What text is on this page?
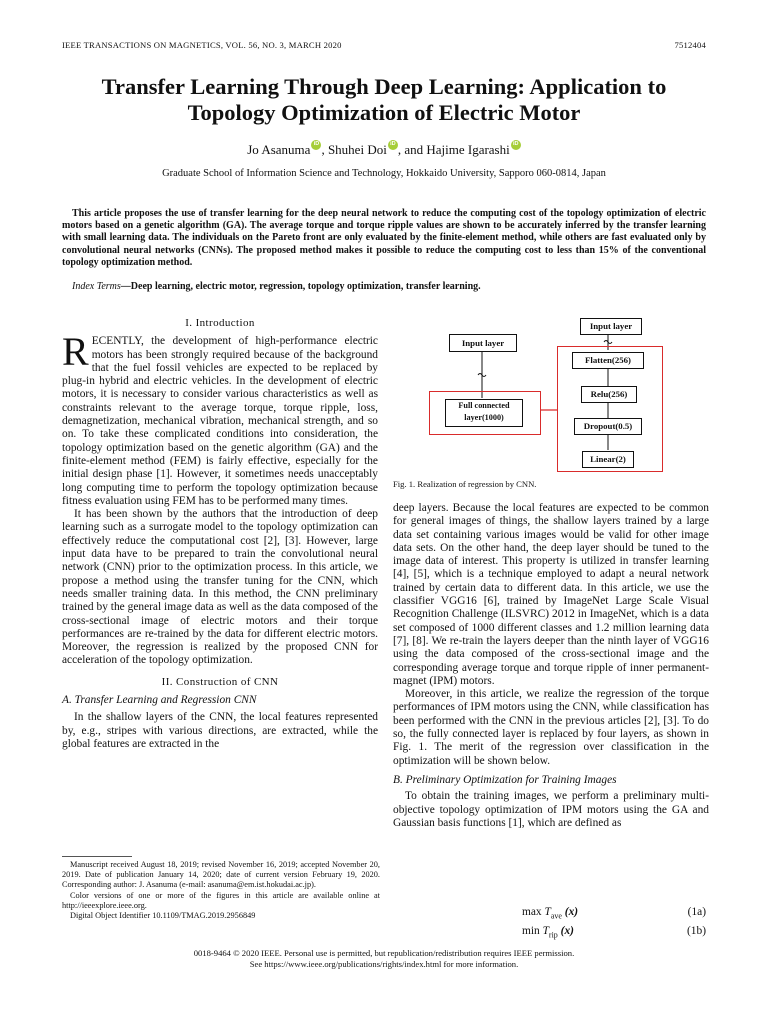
IEEE TRANSACTIONS ON MAGNETICS, VOL. 56, NO. 3, MARCH 2020	7512404
Transfer Learning Through Deep Learning: Application to
Topology Optimization of Electric Motor
Jo Asanuma iD , Shuhei Doi iD , and Hajime IgarashiiD
Graduate School of Information Science and Technology, Hokkaido University, Sapporo 060-0814, Japan
This article proposes the use of transfer learning for the deep neural network to reduce the computing cost of the topology optimization of electric motors based on a genetic algorithm (GA). The average torque and torque ripple values are shown to be accurately inferred by the transfer learning with small learning data. The individuals on the Pareto front are only evaluated by the finite-element method, while others are fast evaluated only by convolutional neural networks (CNNs). The proposed method makes it possible to reduce the computing cost to less than 15% of the conventional topology optimization method.
Index Terms—Deep learning, electric motor, regression, topology optimization, transfer learning.
I. Introduction

RECENTLY, the development of high-performance electric motors has been strongly required because of the background that the fuel fossil vehicles are expected to be replaced by plug-in hybrid and electric vehicles. In the development of electric motors, it is necessary to consider various characteristics as well as constraints relevant to the average torque, torque ripple, loss, demagnetization, mechanical vibration, mechanical strength, and so on. To take these complicated conditions into consideration, the topology optimization based on the genetic algorithm (GA) and the finite-element method (FEM) is fairly effective, especially for the initial design phase [1]. However, it sometimes needs unacceptably long computing time to perform the topology optimization because fitness evaluation using FEM has to be performed many times.

It has been shown by the authors that the introduction of deep learning such as a surrogate model to the topology optimization can effectively reduce the computational cost [2], [3]. However, large input data have to be prepared to train the convolutional neural network (CNN) prior to the optimization process. In this article, we propose a method using the transfer tuning for the CNN, which needs smaller training data. In this method, the CNN preliminary trained by the general image data as well as the data composed of the cross-sectional image of electric motors and their torque performances are re-trained by the data for different electric motors. Moreover, the regression is realized by the proposed CNN for acceleration of the topology optimization.

II. Construction of CNN
A. Transfer Learning and Regression CNN

In the shallow layers of the CNN, the local features represented by, e.g., stripes with various directions, are extracted, while the global features are extracted in the

Manuscript received August 18, 2019; revised November 16, 2019; accepted November 20, 2019. Date of publication January 14, 2020; date of current version February 19, 2020. Corresponding author: J. Asanuma (e-mail: asanuma@em.ist.hokudai.ac.jp).

Color versions of one or more of the figures in this article are available online at http://ieeexplore.ieee.org.

Digital Object Identifier 10.1109/TMAG.2019.2956849

Input layer
Full connected
layer(1000)
Input layer
Flatten(256)
Relu(256)
Dropout(0.5)
Linear(2)
Fig. 1. Realization of regression by CNN.

deep layers. Because the local features are expected to be common for general images of things, the shallow layers trained by a large data set containing various images would be valid for other image data sets. On the other hand, the deep layer should be tuned to the image data of interest. This property is utilized in transfer learning [4], [5], which is a technique employed to adapt a neural network trained by certain data to different data. In this article, we use the classifier VGG16 [6], trained by ImageNet Large Scale Visual Recognition Challenge (ILSVRC) 2012 in ImageNet, which is a data set composed of 1000 different classes and 1.2 million learning data [7], [8]. We re-train the layers deeper than the ninth layer of VGG16 using the data composed of the cross-sectional image and the corresponding average torque and torque ripple of inner permanent-magnet (IPM) motors.

Moreover, in this article, we realize the regression of the torque performances of IPM motors using the CNN, while classification has been performed with the CNN in the previous articles [2], [3]. To do so, the fully connected layer is replaced by four layers, as shown in Fig. 1. The merit of the regression over classification in the optimization will be shown below.

B. Preliminary Optimization for Training Images

To obtain the training images, we perform a preliminary multi-objective topology optimization of IPM motors using the GA and Gaussian basis functions [1], which are defined as

$\max T_{ave}$ (x)	(1a)
$\min T_{rip}$ (x)	(1b)
0018-9464 © 2020 IEEE. Personal use is permitted, but republication/redistribution requires IEEE permission.
See https://www.ieee.org/publications/rights/index.html for more information.
